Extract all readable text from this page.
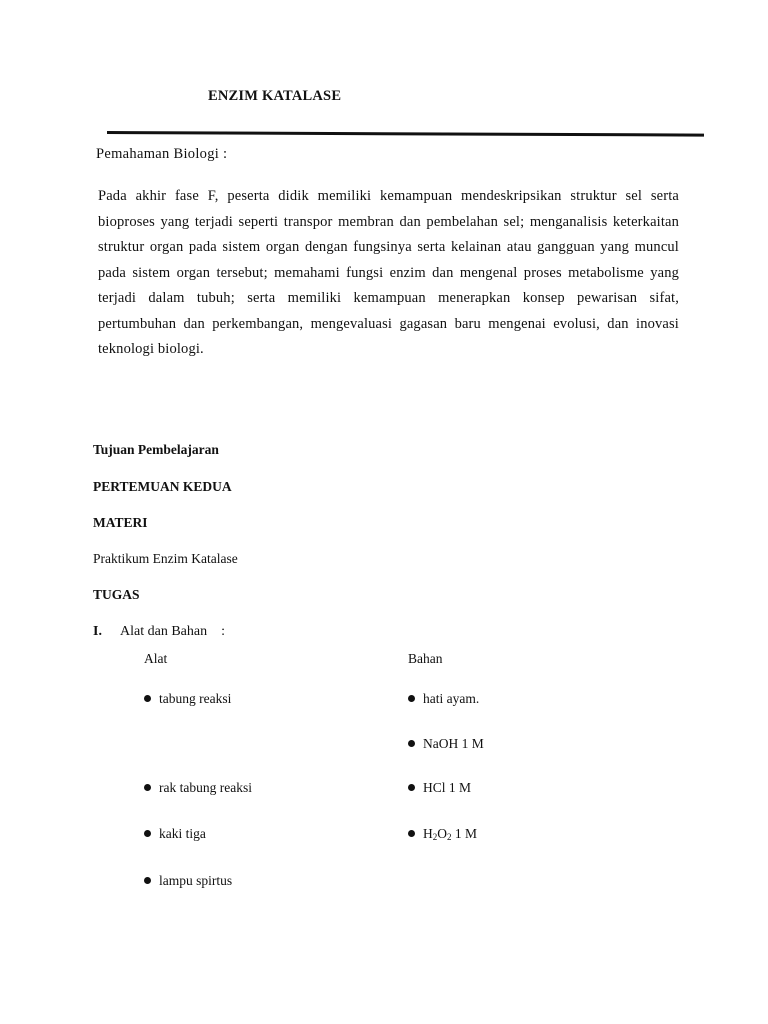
ENZIM KATALASE
Pemahaman Biologi :
Pada akhir fase F, peserta didik memiliki kemampuan mendeskripsikan struktur sel serta bioproses yang terjadi seperti transpor membran dan pembelahan sel; menganalisis keterkaitan struktur organ pada sistem organ dengan fungsinya serta kelainan atau gangguan yang muncul pada sistem organ tersebut; memahami fungsi enzim dan mengenal proses metabolisme yang terjadi dalam tubuh; serta memiliki kemampuan menerapkan konsep pewarisan sifat, pertumbuhan dan perkembangan, mengevaluasi gagasan baru mengenai evolusi, dan inovasi teknologi biologi.
Tujuan Pembelajaran
PERTEMUAN KEDUA
MATERI
Praktikum Enzim Katalase
TUGAS
I. Alat dan Bahan    :
Alat	Bahan
tabung reaksi
rak tabung reaksi
kaki tiga
lampu spirtus
hati ayam.
NaOH 1 M
HCl 1 M
$H_2O_2$ 1 M
